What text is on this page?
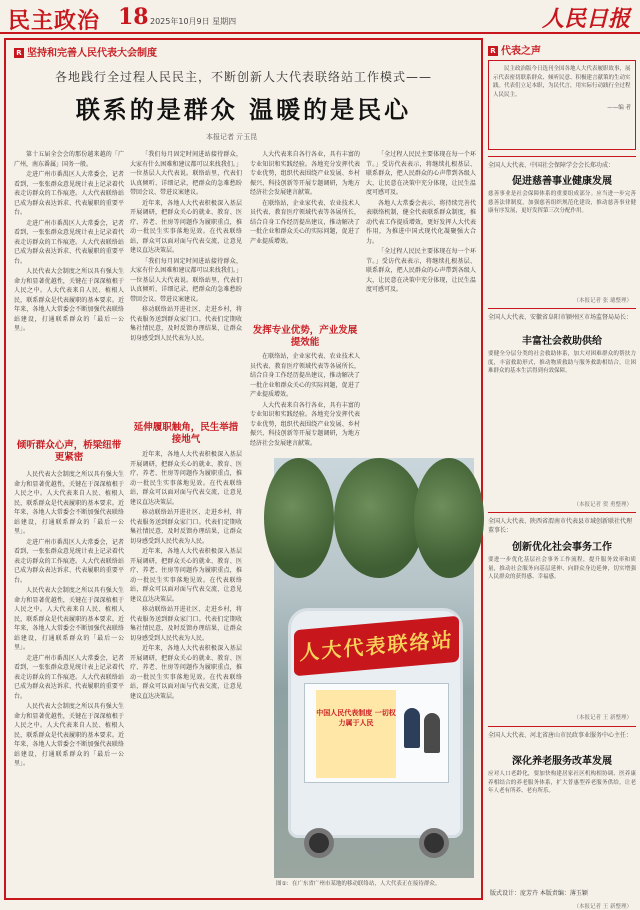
民主政治 18 2025年10月9日 星期四	人民日报
R 坚持和完善人民代表大会制度
各地践行全过程人民民主，不断创新人大代表联络站工作模式——
联系的是群众 温暖的是民心
本报记者 亓玉昆

第十五届全会会的那份越来越的「广广州，南东番属」国务一般。

走进广州市番禺区人大常委会，记者看到，一张张群众意见统计表上记录着代表走访群众的工作痕迹。人大代表联络站已成为群众表达诉求、代表履职的重要平台。

走进广州市番禺区人大常委会，记者看到，一张张群众意见统计表上记录着代表走访群众的工作痕迹。人大代表联络站已成为群众表达诉求、代表履职的重要平台。

人民代表大会制度之所以具有强大生命力和显著优越性，关键在于深深植根于人民之中。人大代表来自人民、植根人民，联系群众是代表履职的基本要求。近年来，各地人大常委会不断加强代表联络站建设，打通联系群众的「最后一公里」。

倾听群众心声，桥梁纽带更紧密

人民代表大会制度之所以具有强大生命力和显著优越性，关键在于深深植根于人民之中。人大代表来自人民、植根人民，联系群众是代表履职的基本要求。近年来，各地人大常委会不断加强代表联络站建设，打通联系群众的「最后一公里」。

走进广州市番禺区人大常委会，记者看到，一张张群众意见统计表上记录着代表走访群众的工作痕迹。人大代表联络站已成为群众表达诉求、代表履职的重要平台。

人民代表大会制度之所以具有强大生命力和显著优越性，关键在于深深植根于人民之中。人大代表来自人民、植根人民，联系群众是代表履职的基本要求。近年来，各地人大常委会不断加强代表联络站建设，打通联系群众的「最后一公里」。

走进广州市番禺区人大常委会，记者看到，一张张群众意见统计表上记录着代表走访群众的工作痕迹。人大代表联络站已成为群众表达诉求、代表履职的重要平台。

人民代表大会制度之所以具有强大生命力和显著优越性，关键在于深深植根于人民之中。人大代表来自人民、植根人民，联系群众是代表履职的基本要求。近年来，各地人大常委会不断加强代表联络站建设，打通联系群众的「最后一公里」。

「我们每月固定时间进站接待群众，大家有什么困难和建议都可以来找我们。」一位基层人大代表说。联络站里，代表们认真倾听、详细记录，把群众的急难愁盼带回会议、带进议案建议。

近年来，各地人大代表积极深入基层开展调研，把群众关心的就业、教育、医疗、养老、住房等问题作为履职重点，推动一批民生实事落地见效。在代表联络站，群众可以面对面与代表交流，让意见建议直达决策层。

「我们每月固定时间进站接待群众，大家有什么困难和建议都可以来找我们。」一位基层人大代表说。联络站里，代表们认真倾听、详细记录，把群众的急难愁盼带回会议、带进议案建议。

移动联络站开进社区、走进乡村，将代表服务送到群众家门口。代表们定期收集社情民意，及时反馈办理结果，让群众切身感受到人民代表为人民。

延伸履职触角，民生举措接地气

近年来，各地人大代表积极深入基层开展调研，把群众关心的就业、教育、医疗、养老、住房等问题作为履职重点，推动一批民生实事落地见效。在代表联络站，群众可以面对面与代表交流，让意见建议直达决策层。

移动联络站开进社区、走进乡村，将代表服务送到群众家门口。代表们定期收集社情民意，及时反馈办理结果，让群众切身感受到人民代表为人民。

近年来，各地人大代表积极深入基层开展调研，把群众关心的就业、教育、医疗、养老、住房等问题作为履职重点，推动一批民生实事落地见效。在代表联络站，群众可以面对面与代表交流，让意见建议直达决策层。

移动联络站开进社区、走进乡村，将代表服务送到群众家门口。代表们定期收集社情民意，及时反馈办理结果，让群众切身感受到人民代表为人民。

近年来，各地人大代表积极深入基层开展调研，把群众关心的就业、教育、医疗、养老、住房等问题作为履职重点，推动一批民生实事落地见效。在代表联络站，群众可以面对面与代表交流，让意见建议直达决策层。

人大代表来自各行各业，具有丰富的专业知识和实践经验。各地充分发挥代表专业优势，组织代表围绕产业发展、乡村振兴、科技创新等开展专题调研，为地方经济社会发展建言献策。

在联络站，企业家代表、农业技术人员代表、教育医疗领域代表等各展所长，结合自身工作经历提出建议，推动解决了一批企业和群众关心的实际问题，促进了产业提质增效。

发挥专业优势，产业发展提效能

在联络站，企业家代表、农业技术人员代表、教育医疗领域代表等各展所长，结合自身工作经历提出建议，推动解决了一批企业和群众关心的实际问题，促进了产业提质增效。

人大代表来自各行各业，具有丰富的专业知识和实践经验。各地充分发挥代表专业优势，组织代表围绕产业发展、乡村振兴、科技创新等开展专题调研，为地方经济社会发展建言献策。

「全过程人民民主要体现在每一个环节。」受访代表表示，将继续扎根基层、联系群众，把人民群众的心声带到各级人大，让民意在决策中充分体现，让民生温度可感可及。

各地人大常委会表示，将持续完善代表联络机制，健全代表联系群众制度，推动代表工作提质增效，更好发挥人大代表作用，为推进中国式现代化凝聚强大合力。

「全过程人民民主要体现在每一个环节。」受访代表表示，将继续扎根基层、联系群众，把人民群众的心声带到各级人大，让民意在决策中充分体现，让民生温度可感可及。

人大代表联络站
中国人民代表制度 一切权力属于人民
图①：在广东省广州市某地的移动联络站，人大代表正在接待群众。
R 代表之声
民主政治版今日选刊全国各地人大代表履职故事，展示代表密切联系群众、倾听民意、积极建言献策的生动实践。代表们立足本职，为民代言，用实际行动践行全过程人民民主。
——编 者
全国人大代表、中国社会保障学会会长郑功成：
促进慈善事业健康发展
慈善事业是社会保障体系的重要组成部分。应当进一步完善慈善法律制度，加强慈善组织规范化建设，推动慈善事业健康有序发展，更好发挥第三次分配作用。
（本报记者 张 璁整理）
全国人大代表、安徽省阜阳市颍州区市场监督局局长：
丰富社会救助供给
要健全分层分类的社会救助体系，加大对困难群众的帮扶力度，丰富救助形式，推动物质救助与服务救助相结合，让困难群众的基本生活得到有效保障。
（本报记者 贺 勇整理）
全国人大代表、陕西省渭南市代表县市域创新联社代理董事长：
创新优化社会事务工作
要进一步优化基层社会事务工作流程，提升服务效率和质量，推动社会服务向基层延伸、向群众身边延伸，切实增强人民群众的获得感、幸福感。
（本报记者 王 新整理）
全国人大代表、河北省唐山市民政事业服务中心主任：
深化养老服务改革发展
应对人口老龄化，要加快构建居家社区机构相协调、医养康养相结合的养老服务体系，扩大普惠型养老服务供给，让老年人老有所养、老有所乐。
（本报记者 王 新整理）
版式设计：庞芳卉 本版责编：薄玉颖
